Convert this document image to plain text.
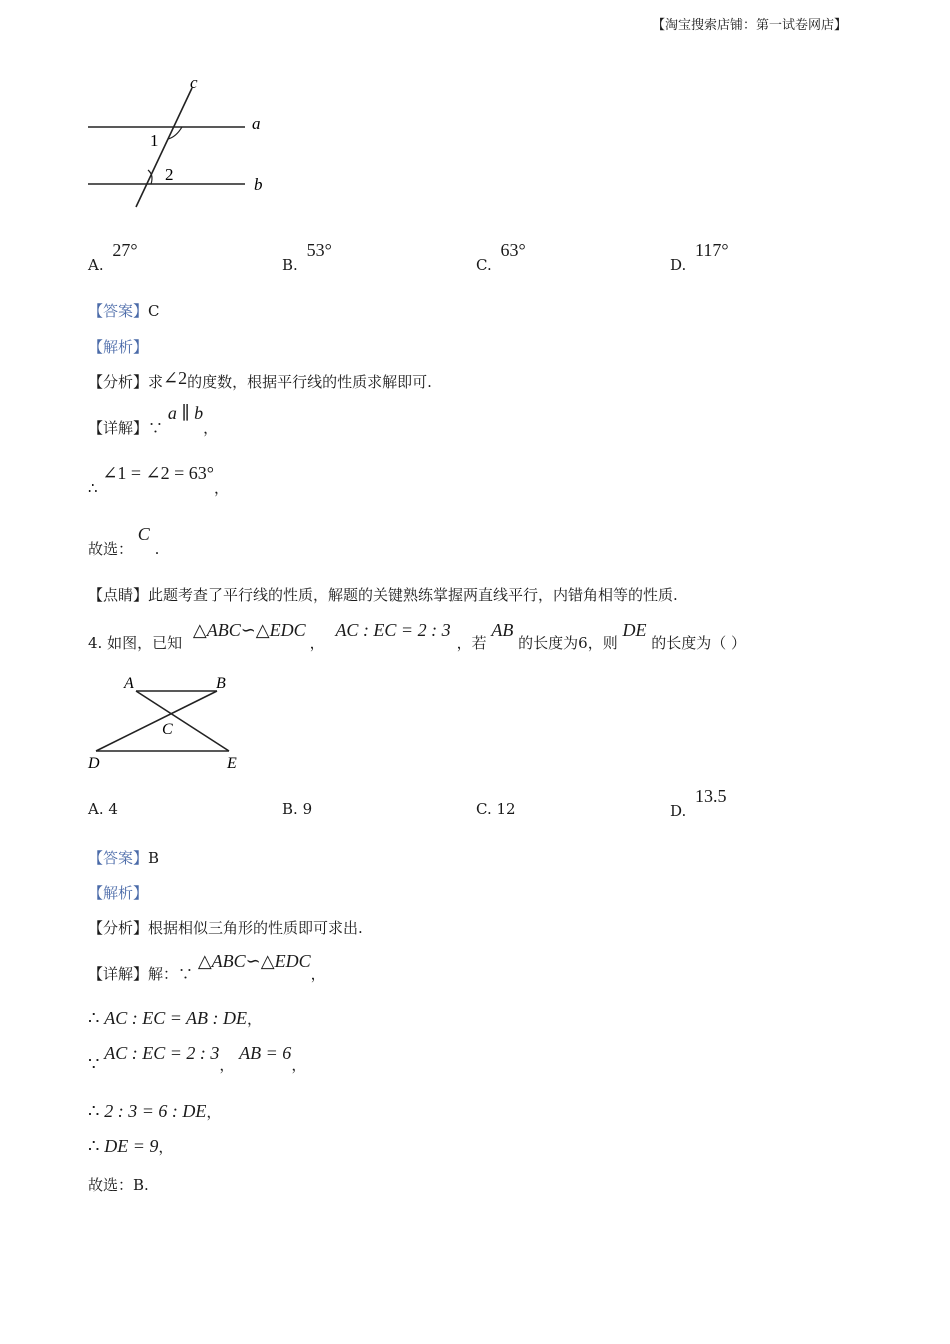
【淘宝搜索店铺：第一试卷网店】
c
a
b
1
2
A. 27°
B. 53°
C. 63°
D. 117°
【答案】C
【解析】
【分析】求∠2的度数，根据平行线的性质求解即可.
【详解】∵ a ∥ b，
∴ ∠1 = ∠2 = 63°，
故选： C .
【点睛】此题考查了平行线的性质，解题的关键熟练掌握两直线平行，内错角相等的性质.
4. 如图，已知 △ABC∽△EDC， AC : EC = 2 : 3，若 AB 的长度为6，则 DE 的长度为（ ）
A	B
C
D	E
A. 4	B. 9	C. 12	D. 13.5
【答案】B
【解析】
【分析】根据相似三角形的性质即可求出.
【详解】解：∵ △ABC∽△EDC，
∴ AC : EC = AB : DE，
∵ AC : EC = 2 : 3， AB = 6，
∴ 2 : 3 = 6 : DE，
∴ DE = 9，
故选：B.
